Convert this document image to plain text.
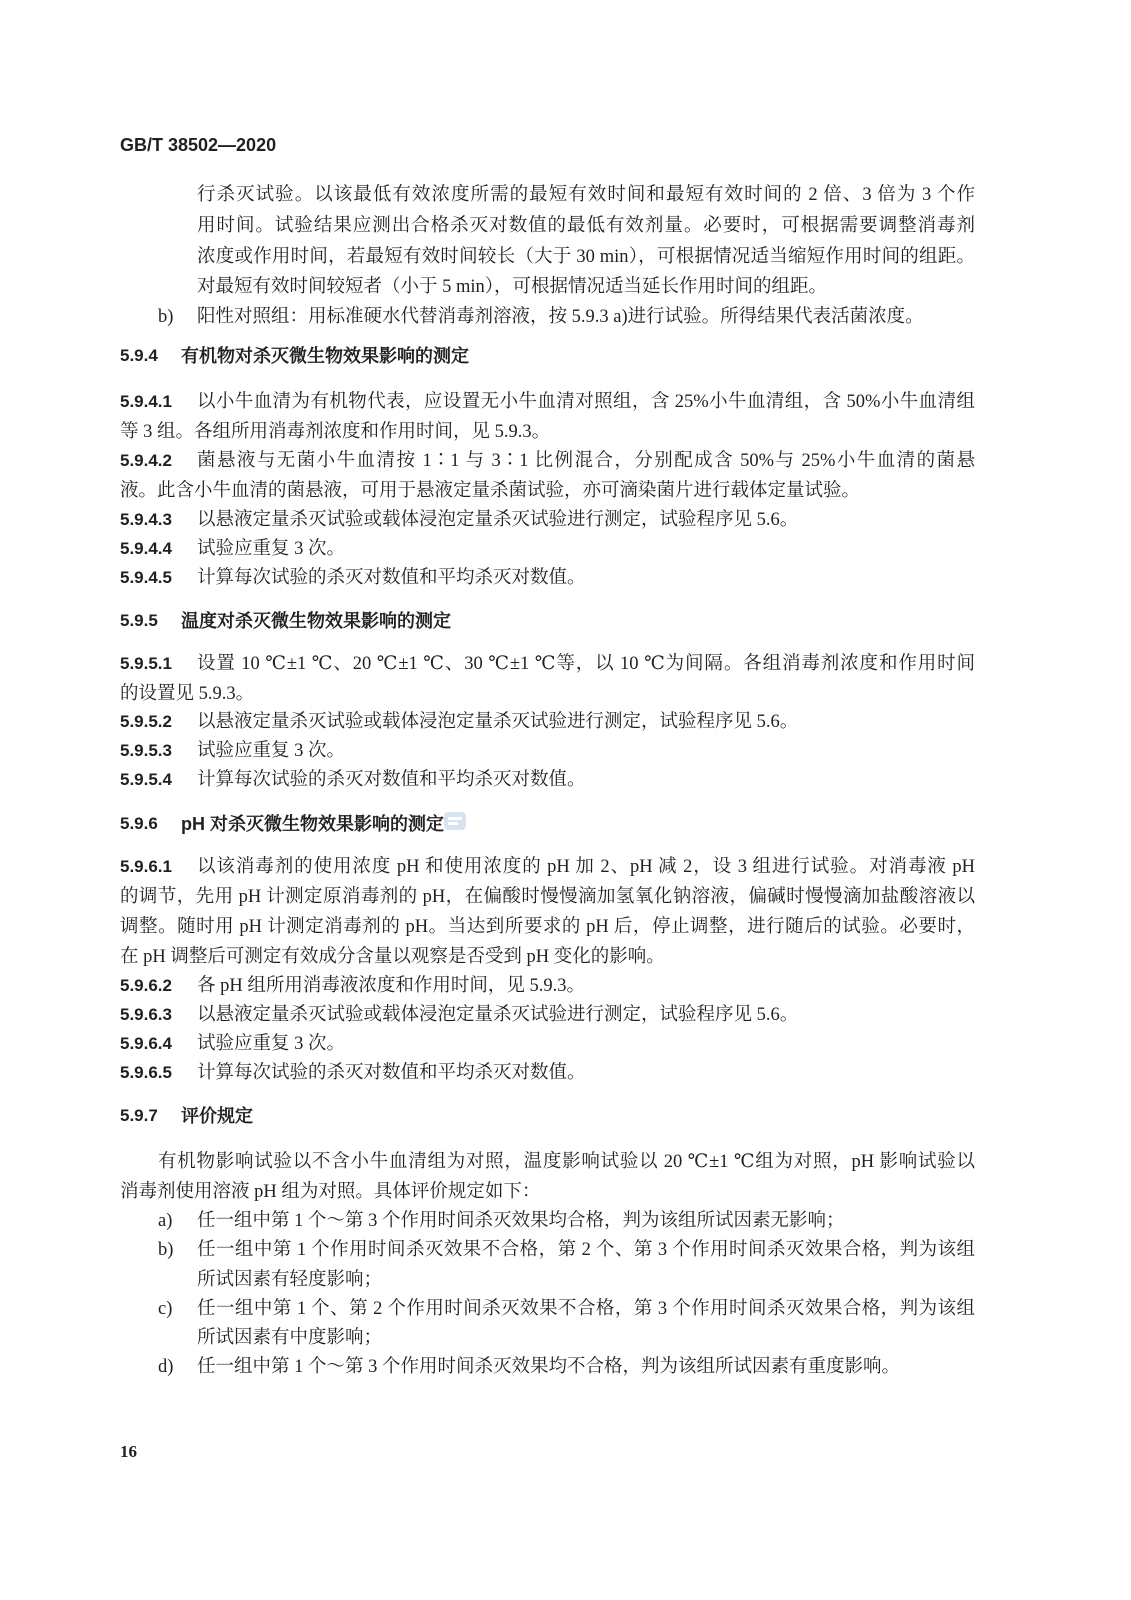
GB/T 38502—2020
行杀灭试验。以该最低有效浓度所需的最短有效时间和最短有效时间的 2 倍、3 倍为 3 个作
用时间。试验结果应测出合格杀灭对数值的最低有效剂量。必要时，可根据需要调整消毒剂
浓度或作用时间，若最短有效时间较长（大于 30 min），可根据情况适当缩短作用时间的组距。
对最短有效时间较短者（小于 5 min），可根据情况适当延长作用时间的组距。
b) 阳性对照组：用标准硬水代替消毒剂溶液，按 5.9.3 a)进行试验。所得结果代表活菌浓度。
5.9.4 有机物对杀灭微生物效果影响的测定
5.9.4.1 以小牛血清为有机物代表，应设置无小牛血清对照组，含 25%小牛血清组，含 50%小牛血清组
等 3 组。各组所用消毒剂浓度和作用时间，见 5.9.3。
5.9.4.2 菌悬液与无菌小牛血清按 1∶1 与 3∶1 比例混合，分别配成含 50%与 25%小牛血清的菌悬
液。此含小牛血清的菌悬液，可用于悬液定量杀菌试验，亦可滴染菌片进行载体定量试验。
5.9.4.3 以悬液定量杀灭试验或载体浸泡定量杀灭试验进行测定，试验程序见 5.6。
5.9.4.4 试验应重复 3 次。
5.9.4.5 计算每次试验的杀灭对数值和平均杀灭对数值。
5.9.5 温度对杀灭微生物效果影响的测定
5.9.5.1 设置 10 ℃±1 ℃、20 ℃±1 ℃、30 ℃±1 ℃等，以 10 ℃为间隔。各组消毒剂浓度和作用时间
的设置见 5.9.3。
5.9.5.2 以悬液定量杀灭试验或载体浸泡定量杀灭试验进行测定，试验程序见 5.6。
5.9.5.3 试验应重复 3 次。
5.9.5.4 计算每次试验的杀灭对数值和平均杀灭对数值。
5.9.6 pH 对杀灭微生物效果影响的测定
5.9.6.1 以该消毒剂的使用浓度 pH 和使用浓度的 pH 加 2、pH 减 2，设 3 组进行试验。对消毒液 pH
的调节，先用 pH 计测定原消毒剂的 pH，在偏酸时慢慢滴加氢氧化钠溶液，偏碱时慢慢滴加盐酸溶液以
调整。随时用 pH 计测定消毒剂的 pH。当达到所要求的 pH 后，停止调整，进行随后的试验。必要时，
在 pH 调整后可测定有效成分含量以观察是否受到 pH 变化的影响。
5.9.6.2 各 pH 组所用消毒液浓度和作用时间，见 5.9.3。
5.9.6.3 以悬液定量杀灭试验或载体浸泡定量杀灭试验进行测定，试验程序见 5.6。
5.9.6.4 试验应重复 3 次。
5.9.6.5 计算每次试验的杀灭对数值和平均杀灭对数值。
5.9.7 评价规定
有机物影响试验以不含小牛血清组为对照，温度影响试验以 20 ℃±1 ℃组为对照，pH 影响试验以
消毒剂使用溶液 pH 组为对照。具体评价规定如下：
a) 任一组中第 1 个～第 3 个作用时间杀灭效果均合格，判为该组所试因素无影响；
b) 任一组中第 1 个作用时间杀灭效果不合格，第 2 个、第 3 个作用时间杀灭效果合格，判为该组
所试因素有轻度影响；
c) 任一组中第 1 个、第 2 个作用时间杀灭效果不合格，第 3 个作用时间杀灭效果合格，判为该组
所试因素有中度影响；
d) 任一组中第 1 个～第 3 个作用时间杀灭效果均不合格，判为该组所试因素有重度影响。
16
